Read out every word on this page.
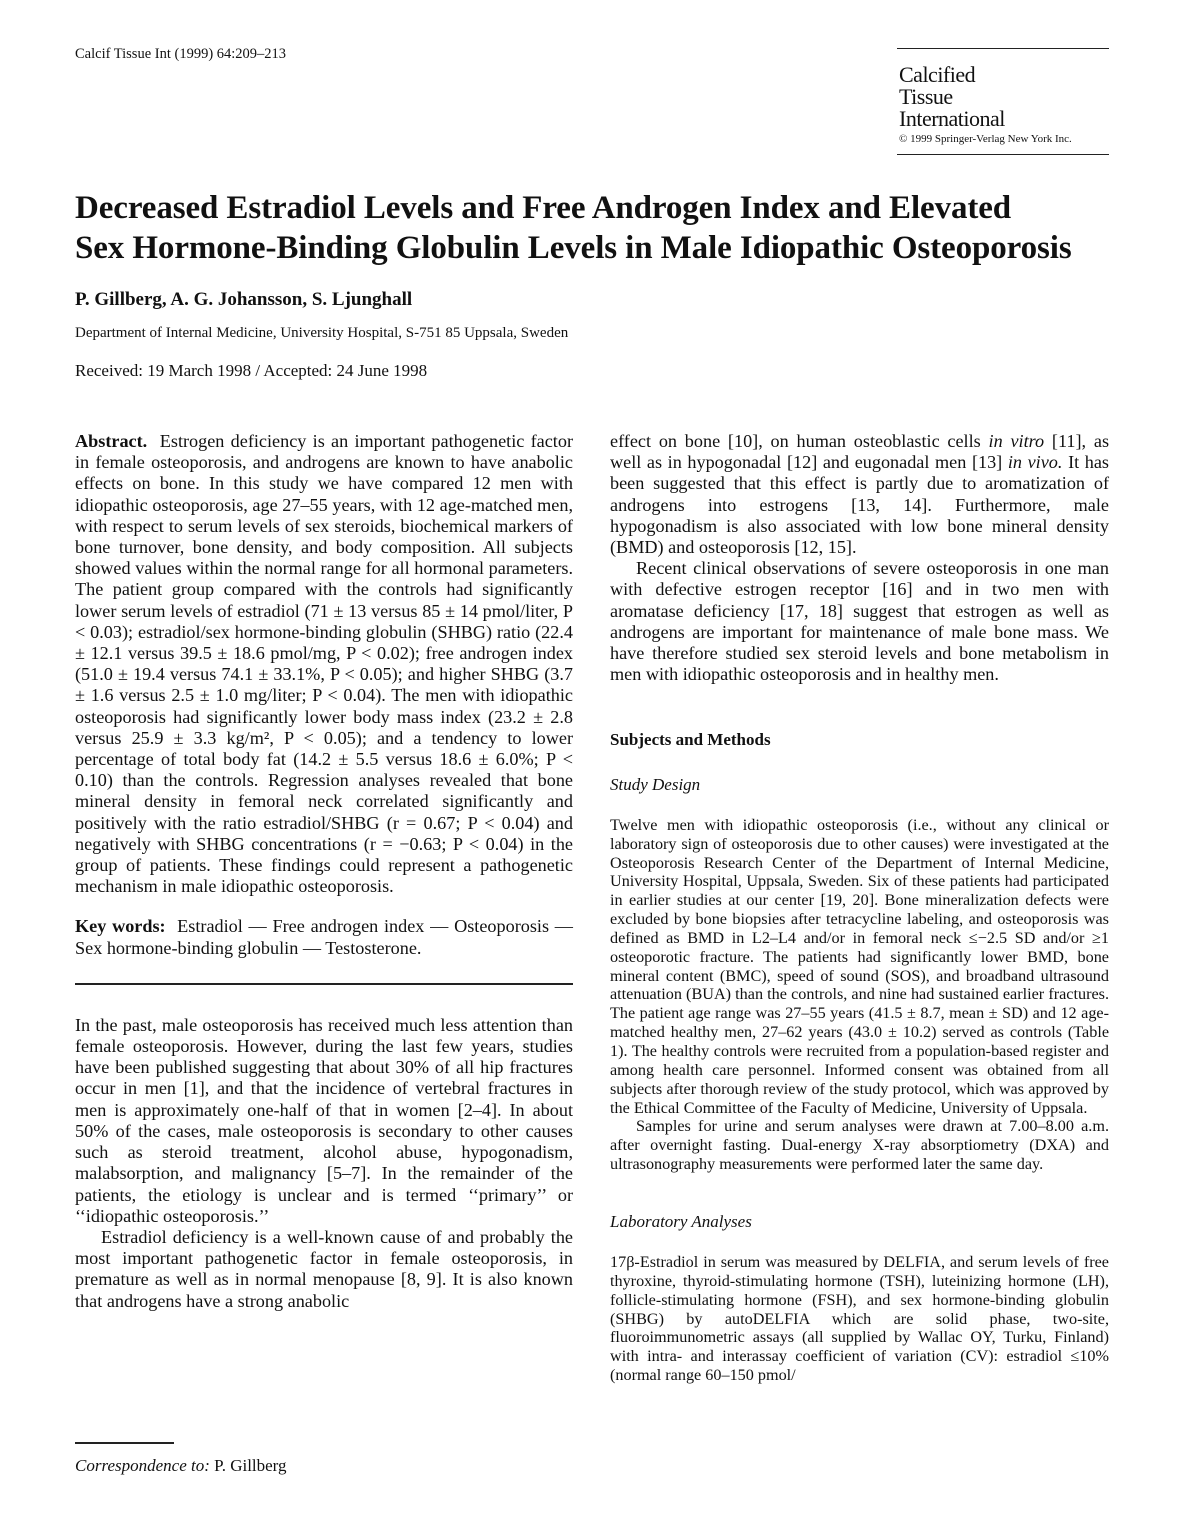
Calcif Tissue Int (1999) 64:209–213
Calcified
Tissue
International
© 1999 Springer-Verlag New York Inc.
Decreased Estradiol Levels and Free Androgen Index and Elevated
Sex Hormone-Binding Globulin Levels in Male Idiopathic Osteoporosis
P. Gillberg, A. G. Johansson, S. Ljunghall
Department of Internal Medicine, University Hospital, S-751 85 Uppsala, Sweden
Received: 19 March 1998 / Accepted: 24 June 1998

Abstract. Estrogen deficiency is an important pathogenetic factor in female osteoporosis, and androgens are known to have anabolic effects on bone. In this study we have compared 12 men with idiopathic osteoporosis, age 27–55 years, with 12 age-matched men, with respect to serum levels of sex steroids, biochemical markers of bone turnover, bone density, and body composition. All subjects showed values within the normal range for all hormonal parameters. The patient group compared with the controls had significantly lower serum levels of estradiol (71 ± 13 versus 85 ± 14 pmol/liter, P < 0.03); estradiol/sex hormone-binding globulin (SHBG) ratio (22.4 ± 12.1 versus 39.5 ± 18.6 pmol/mg, P < 0.02); free androgen index (51.0 ± 19.4 versus 74.1 ± 33.1%, P < 0.05); and higher SHBG (3.7 ± 1.6 versus 2.5 ± 1.0 mg/liter; P < 0.04). The men with idiopathic osteoporosis had significantly lower body mass index (23.2 ± 2.8 versus 25.9 ± 3.3 kg/m², P < 0.05); and a tendency to lower percentage of total body fat (14.2 ± 5.5 versus 18.6 ± 6.0%; P < 0.10) than the controls. Regression analyses revealed that bone mineral density in femoral neck correlated significantly and positively with the ratio estradiol/SHBG (r = 0.67; P < 0.04) and negatively with SHBG concentrations (r = −0.63; P < 0.04) in the group of patients. These findings could represent a pathogenetic mechanism in male idiopathic osteoporosis.

Key words: Estradiol — Free androgen index — Osteoporosis — Sex hormone-binding globulin — Testosterone.

In the past, male osteoporosis has received much less attention than female osteoporosis. However, during the last few years, studies have been published suggesting that about 30% of all hip fractures occur in men [1], and that the incidence of vertebral fractures in men is approximately one-half of that in women [2–4]. In about 50% of the cases, male osteoporosis is secondary to other causes such as steroid treatment, alcohol abuse, hypogonadism, malabsorption, and malignancy [5–7]. In the remainder of the patients, the etiology is unclear and is termed ‘‘primary’’ or ‘‘idiopathic osteoporosis.’’

Estradiol deficiency is a well-known cause of and probably the most important pathogenetic factor in female osteoporosis, in premature as well as in normal menopause [8, 9]. It is also known that androgens have a strong anabolic

effect on bone [10], on human osteoblastic cells in vitro [11], as well as in hypogonadal [12] and eugonadal men [13] in vivo. It has been suggested that this effect is partly due to aromatization of androgens into estrogens [13, 14]. Furthermore, male hypogonadism is also associated with low bone mineral density (BMD) and osteoporosis [12, 15].

Recent clinical observations of severe osteoporosis in one man with defective estrogen receptor [16] and in two men with aromatase deficiency [17, 18] suggest that estrogen as well as androgens are important for maintenance of male bone mass. We have therefore studied sex steroid levels and bone metabolism in men with idiopathic osteoporosis and in healthy men.

Subjects and Methods
Study Design

Twelve men with idiopathic osteoporosis (i.e., without any clinical or laboratory sign of osteoporosis due to other causes) were investigated at the Osteoporosis Research Center of the Department of Internal Medicine, University Hospital, Uppsala, Sweden. Six of these patients had participated in earlier studies at our center [19, 20]. Bone mineralization defects were excluded by bone biopsies after tetracycline labeling, and osteoporosis was defined as BMD in L2–L4 and/or in femoral neck ≤−2.5 SD and/or ≥1 osteoporotic fracture. The patients had significantly lower BMD, bone mineral content (BMC), speed of sound (SOS), and broadband ultrasound attenuation (BUA) than the controls, and nine had sustained earlier fractures. The patient age range was 27–55 years (41.5 ± 8.7, mean ± SD) and 12 age-matched healthy men, 27–62 years (43.0 ± 10.2) served as controls (Table 1). The healthy controls were recruited from a population-based register and among health care personnel. Informed consent was obtained from all subjects after thorough review of the study protocol, which was approved by the Ethical Committee of the Faculty of Medicine, University of Uppsala.

Samples for urine and serum analyses were drawn at 7.00–8.00 a.m. after overnight fasting. Dual-energy X-ray absorptiometry (DXA) and ultrasonography measurements were performed later the same day.

Laboratory Analyses

17β-Estradiol in serum was measured by DELFIA, and serum levels of free thyroxine, thyroid-stimulating hormone (TSH), luteinizing hormone (LH), follicle-stimulating hormone (FSH), and sex hormone-binding globulin (SHBG) by autoDELFIA which are solid phase, two-site, fluoroimmunometric assays (all supplied by Wallac OY, Turku, Finland) with intra- and interassay coefficient of variation (CV): estradiol ≤10% (normal range 60–150 pmol/

Correspondence to: P. Gillberg
